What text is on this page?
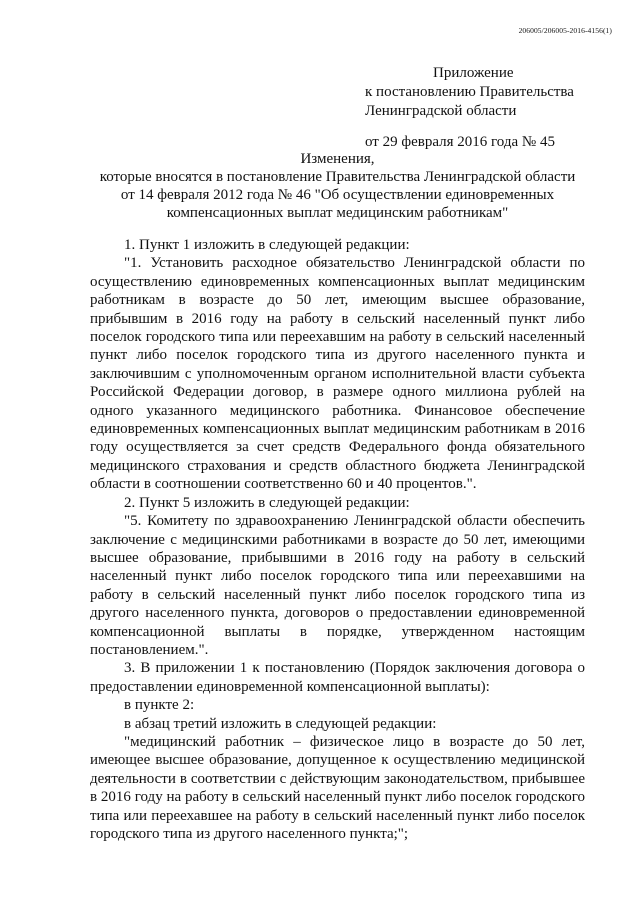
206005/206005-2016-4156(1)
Приложение
к постановлению Правительства
Ленинградской области
от 29 февраля 2016 года № 45
Изменения,
которые вносятся в постановление Правительства Ленинградской области
от 14 февраля 2012 года № 46 "Об осуществлении единовременных
компенсационных выплат медицинским работникам"

1. Пункт 1 изложить в следующей редакции:

"1. Установить расходное обязательство Ленинградской области по осуществлению единовременных компенсационных выплат медицинским работникам в возрасте до 50 лет, имеющим высшее образование, прибывшим в 2016 году на работу в сельский населенный пункт либо поселок городского типа или переехавшим на работу в сельский населенный пункт либо поселок городского типа из другого населенного пункта и заключившим с уполномоченным органом исполнительной власти субъекта Российской Федерации договор, в размере одного миллиона рублей на одного указанного медицинского работника. Финансовое обеспечение единовременных компенсационных выплат медицинским работникам в 2016 году осуществляется за счет средств Федерального фонда обязательного медицинского страхования и средств областного бюджета Ленинградской области в соотношении соответственно 60 и 40 процентов.".

2. Пункт 5 изложить в следующей редакции:

"5. Комитету по здравоохранению Ленинградской области обеспечить заключение с медицинскими работниками в возрасте до 50 лет, имеющими высшее образование, прибывшими в 2016 году на работу в сельский населенный пункт либо поселок городского типа или переехавшими на работу в сельский населенный пункт либо поселок городского типа из другого населенного пункта, договоров о предоставлении единовременной компенсационной выплаты в порядке, утвержденном настоящим постановлением.".

3. В приложении 1 к постановлению (Порядок заключения договора о предоставлении единовременной компенсационной выплаты):

в пункте 2:

в абзац третий изложить в следующей редакции:

"медицинский работник – физическое лицо в возрасте до 50 лет, имеющее высшее образование, допущенное к осуществлению медицинской деятельности в соответствии с действующим законодательством, прибывшее в 2016 году на работу в сельский населенный пункт либо поселок городского типа или переехавшее на работу в сельский населенный пункт либо поселок городского типа из другого населенного пункта;";
